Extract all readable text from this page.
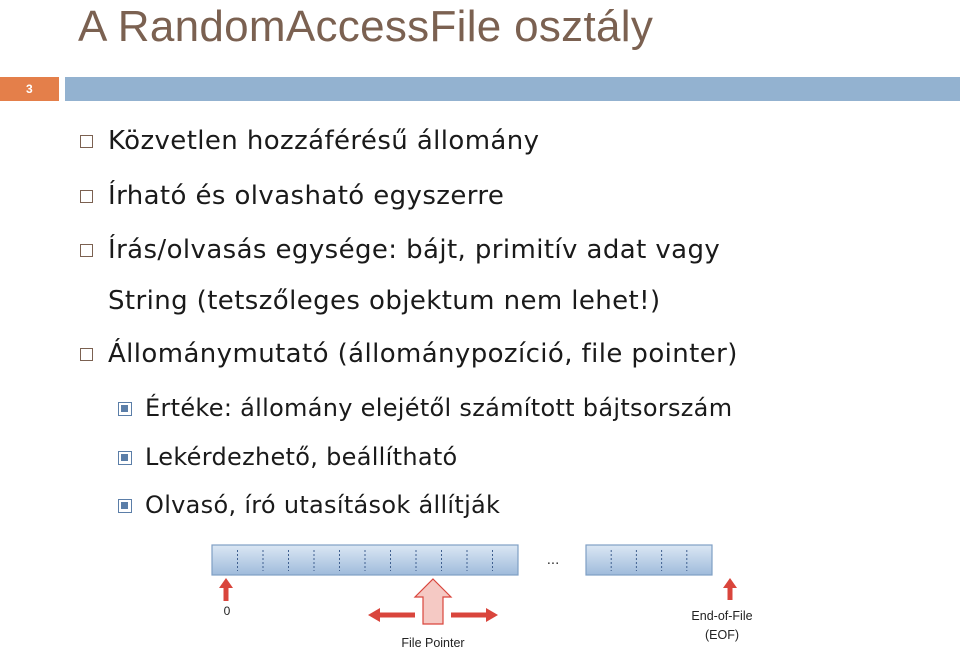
A RandomAccessFile osztály
3
Közvetlen hozzáférésű állomány
Írható és olvasható egyszerre
Írás/olvasás egysége: bájt, primitív adat vagy
String (tetszőleges objektum nem lehet!)
Állománymutató (állománypozíció, file pointer)
Értéke: állomány elejétől számított bájtsorszám
Lekérdezhető, beállítható
Olvasó, író utasítások állítják
...
0
File Pointer
End-of-File
(EOF)
